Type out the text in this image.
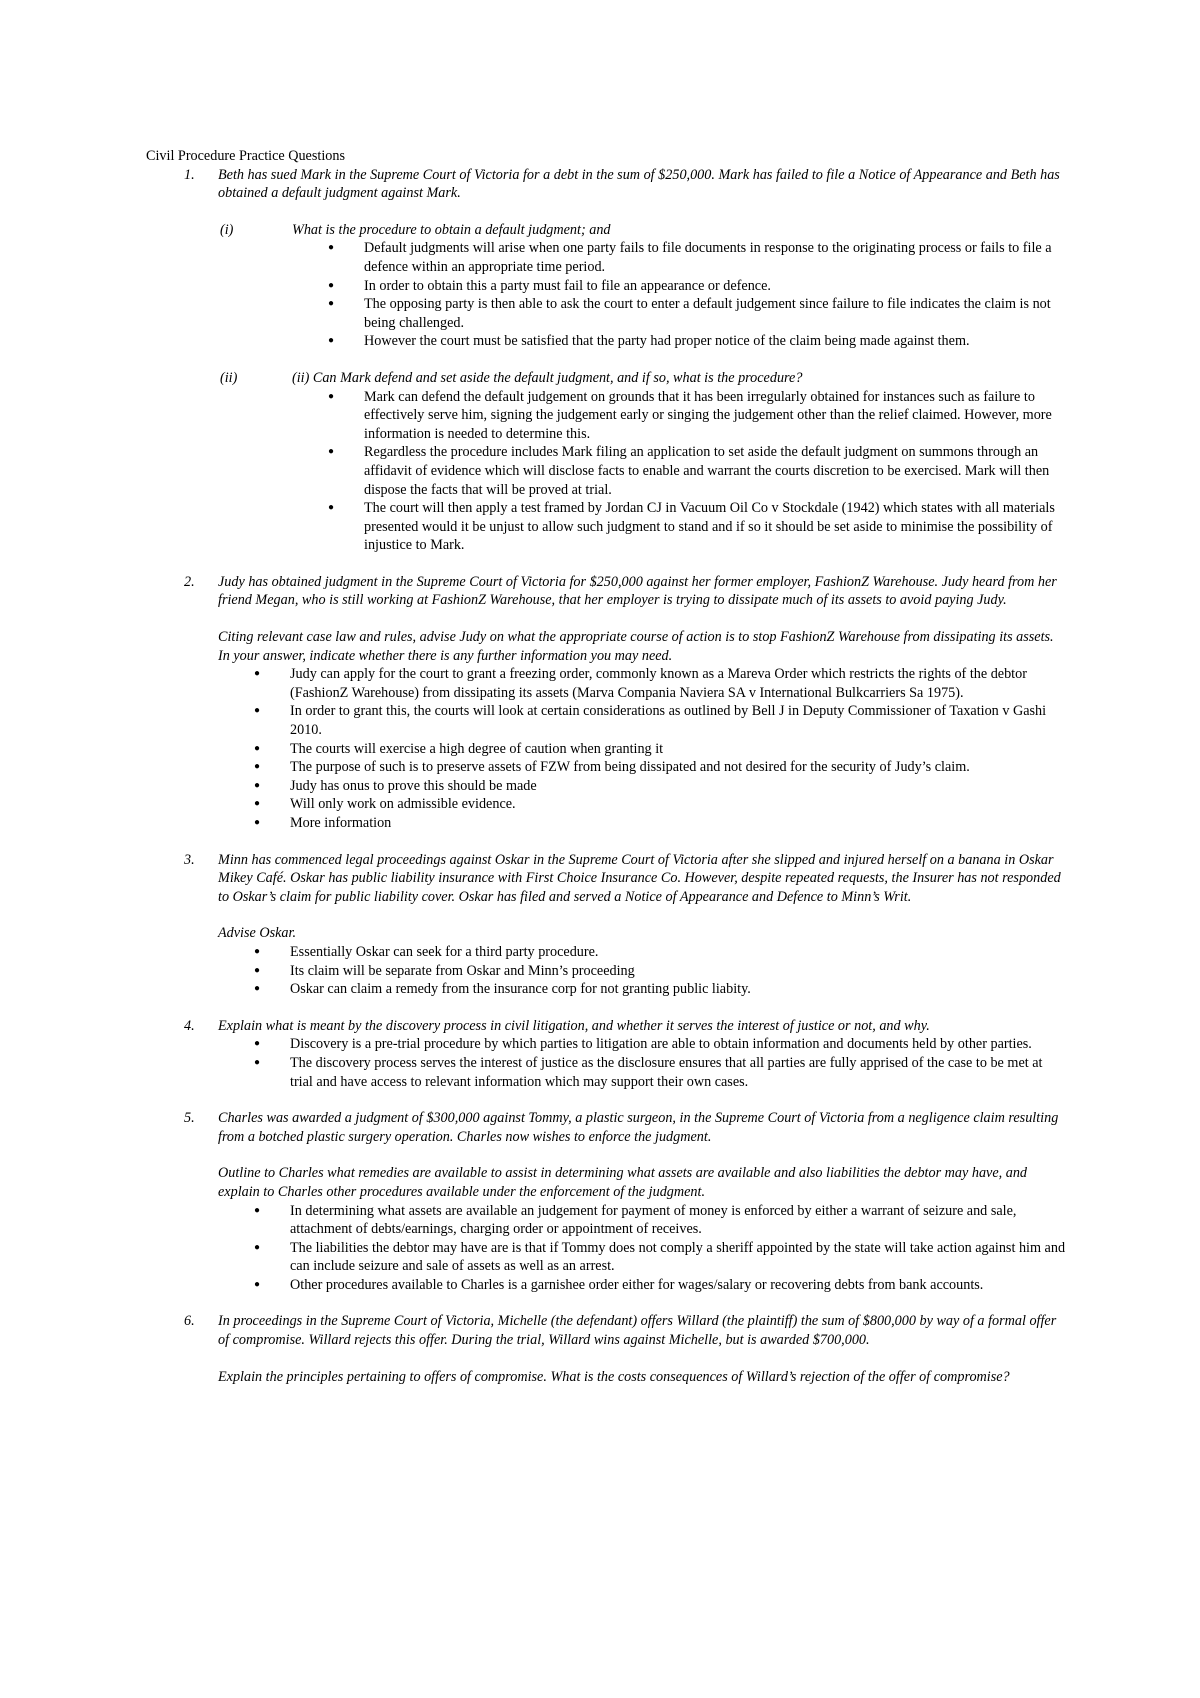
Civil Procedure Practice Questions

1. Beth has sued Mark in the Supreme Court of Victoria for a debt in the sum of $250,000. Mark has failed to file a Notice of Appearance and Beth has obtained a default judgment against Mark.

(i)	What is the procedure to obtain a default judgment; and

● Default judgments will arise when one party fails to file documents in response to the originating process or fails to file a defence within an appropriate time period.
● In order to obtain this a party must fail to file an appearance or defence.
● The opposing party is then able to ask the court to enter a default judgement since failure to file indicates the claim is not being challenged.
● However the court must be satisfied that the party had proper notice of the claim being made against them.
(ii)	(ii) Can Mark defend and set aside the default judgment, and if so, what is the procedure?

● Mark can defend the default judgement on grounds that it has been irregularly obtained for instances such as failure to effectively serve him, signing the judgement early or singing the judgement other than the relief claimed. However, more information is needed to determine this.
● Regardless the procedure includes Mark filing an application to set aside the default judgment on summons through an affidavit of evidence which will disclose facts to enable and warrant the courts discretion to be exercised. Mark will then dispose the facts that will be proved at trial.
● The court will then apply a test framed by Jordan CJ in Vacuum Oil Co v Stockdale (1942) which states with all materials presented would it be unjust to allow such judgment to stand and if so it should be set aside to minimise the possibility of injustice to Mark.
2. Judy has obtained judgment in the Supreme Court of Victoria for $250,000 against her former employer, FashionZ Warehouse. Judy heard from her friend Megan, who is still working at FashionZ Warehouse, that her employer is trying to dissipate much of its assets to avoid paying Judy.

Citing relevant case law and rules, advise Judy on what the appropriate course of action is to stop FashionZ Warehouse from dissipating its assets. In your answer, indicate whether there is any further information you may need.

● Judy can apply for the court to grant a freezing order, commonly known as a Mareva Order which restricts the rights of the debtor (FashionZ Warehouse) from dissipating its assets (Marva Compania Naviera SA v International Bulkcarriers Sa 1975).
● In order to grant this, the courts will look at certain considerations as outlined by Bell J in Deputy Commissioner of Taxation v Gashi 2010.
● The courts will exercise a high degree of caution when granting it
● The purpose of such is to preserve assets of FZW from being dissipated and not desired for the security of Judy’s claim.
● Judy has onus to prove this should be made
● Will only work on admissible evidence.
● More information
3. Minn has commenced legal proceedings against Oskar in the Supreme Court of Victoria after she slipped and injured herself on a banana in Oskar Mikey Café. Oskar has public liability insurance with First Choice Insurance Co. However, despite repeated requests, the Insurer has not responded to Oskar’s claim for public liability cover. Oskar has filed and served a Notice of Appearance and Defence to Minn’s Writ.

Advise Oskar.

● Essentially Oskar can seek for a third party procedure.
● Its claim will be separate from Oskar and Minn’s proceeding
● Oskar can claim a remedy from the insurance corp for not granting public liabity.
4. Explain what is meant by the discovery process in civil litigation, and whether it serves the interest of justice or not, and why.

● Discovery is a pre-trial procedure by which parties to litigation are able to obtain information and documents held by other parties.
● The discovery process serves the interest of justice as the disclosure ensures that all parties are fully apprised of the case to be met at trial and have access to relevant information which may support their own cases.
5. Charles was awarded a judgment of $300,000 against Tommy, a plastic surgeon, in the Supreme Court of Victoria from a negligence claim resulting from a botched plastic surgery operation. Charles now wishes to enforce the judgment.

Outline to Charles what remedies are available to assist in determining what assets are available and also liabilities the debtor may have, and explain to Charles other procedures available under the enforcement of the judgment.

● In determining what assets are available an judgement for payment of money is enforced by either a warrant of seizure and sale, attachment of debts/earnings, charging order or appointment of receives.
● The liabilities the debtor may have are is that if Tommy does not comply a sheriff appointed by the state will take action against him and can include seizure and sale of assets as well as an arrest.
● Other procedures available to Charles is a garnishee order either for wages/salary or recovering debts from bank accounts.
6. In proceedings in the Supreme Court of Victoria, Michelle (the defendant) offers Willard (the plaintiff) the sum of $800,000 by way of a formal offer of compromise. Willard rejects this offer. During the trial, Willard wins against Michelle, but is awarded $700,000.

Explain the principles pertaining to offers of compromise. What is the costs consequences of Willard’s rejection of the offer of compromise?
